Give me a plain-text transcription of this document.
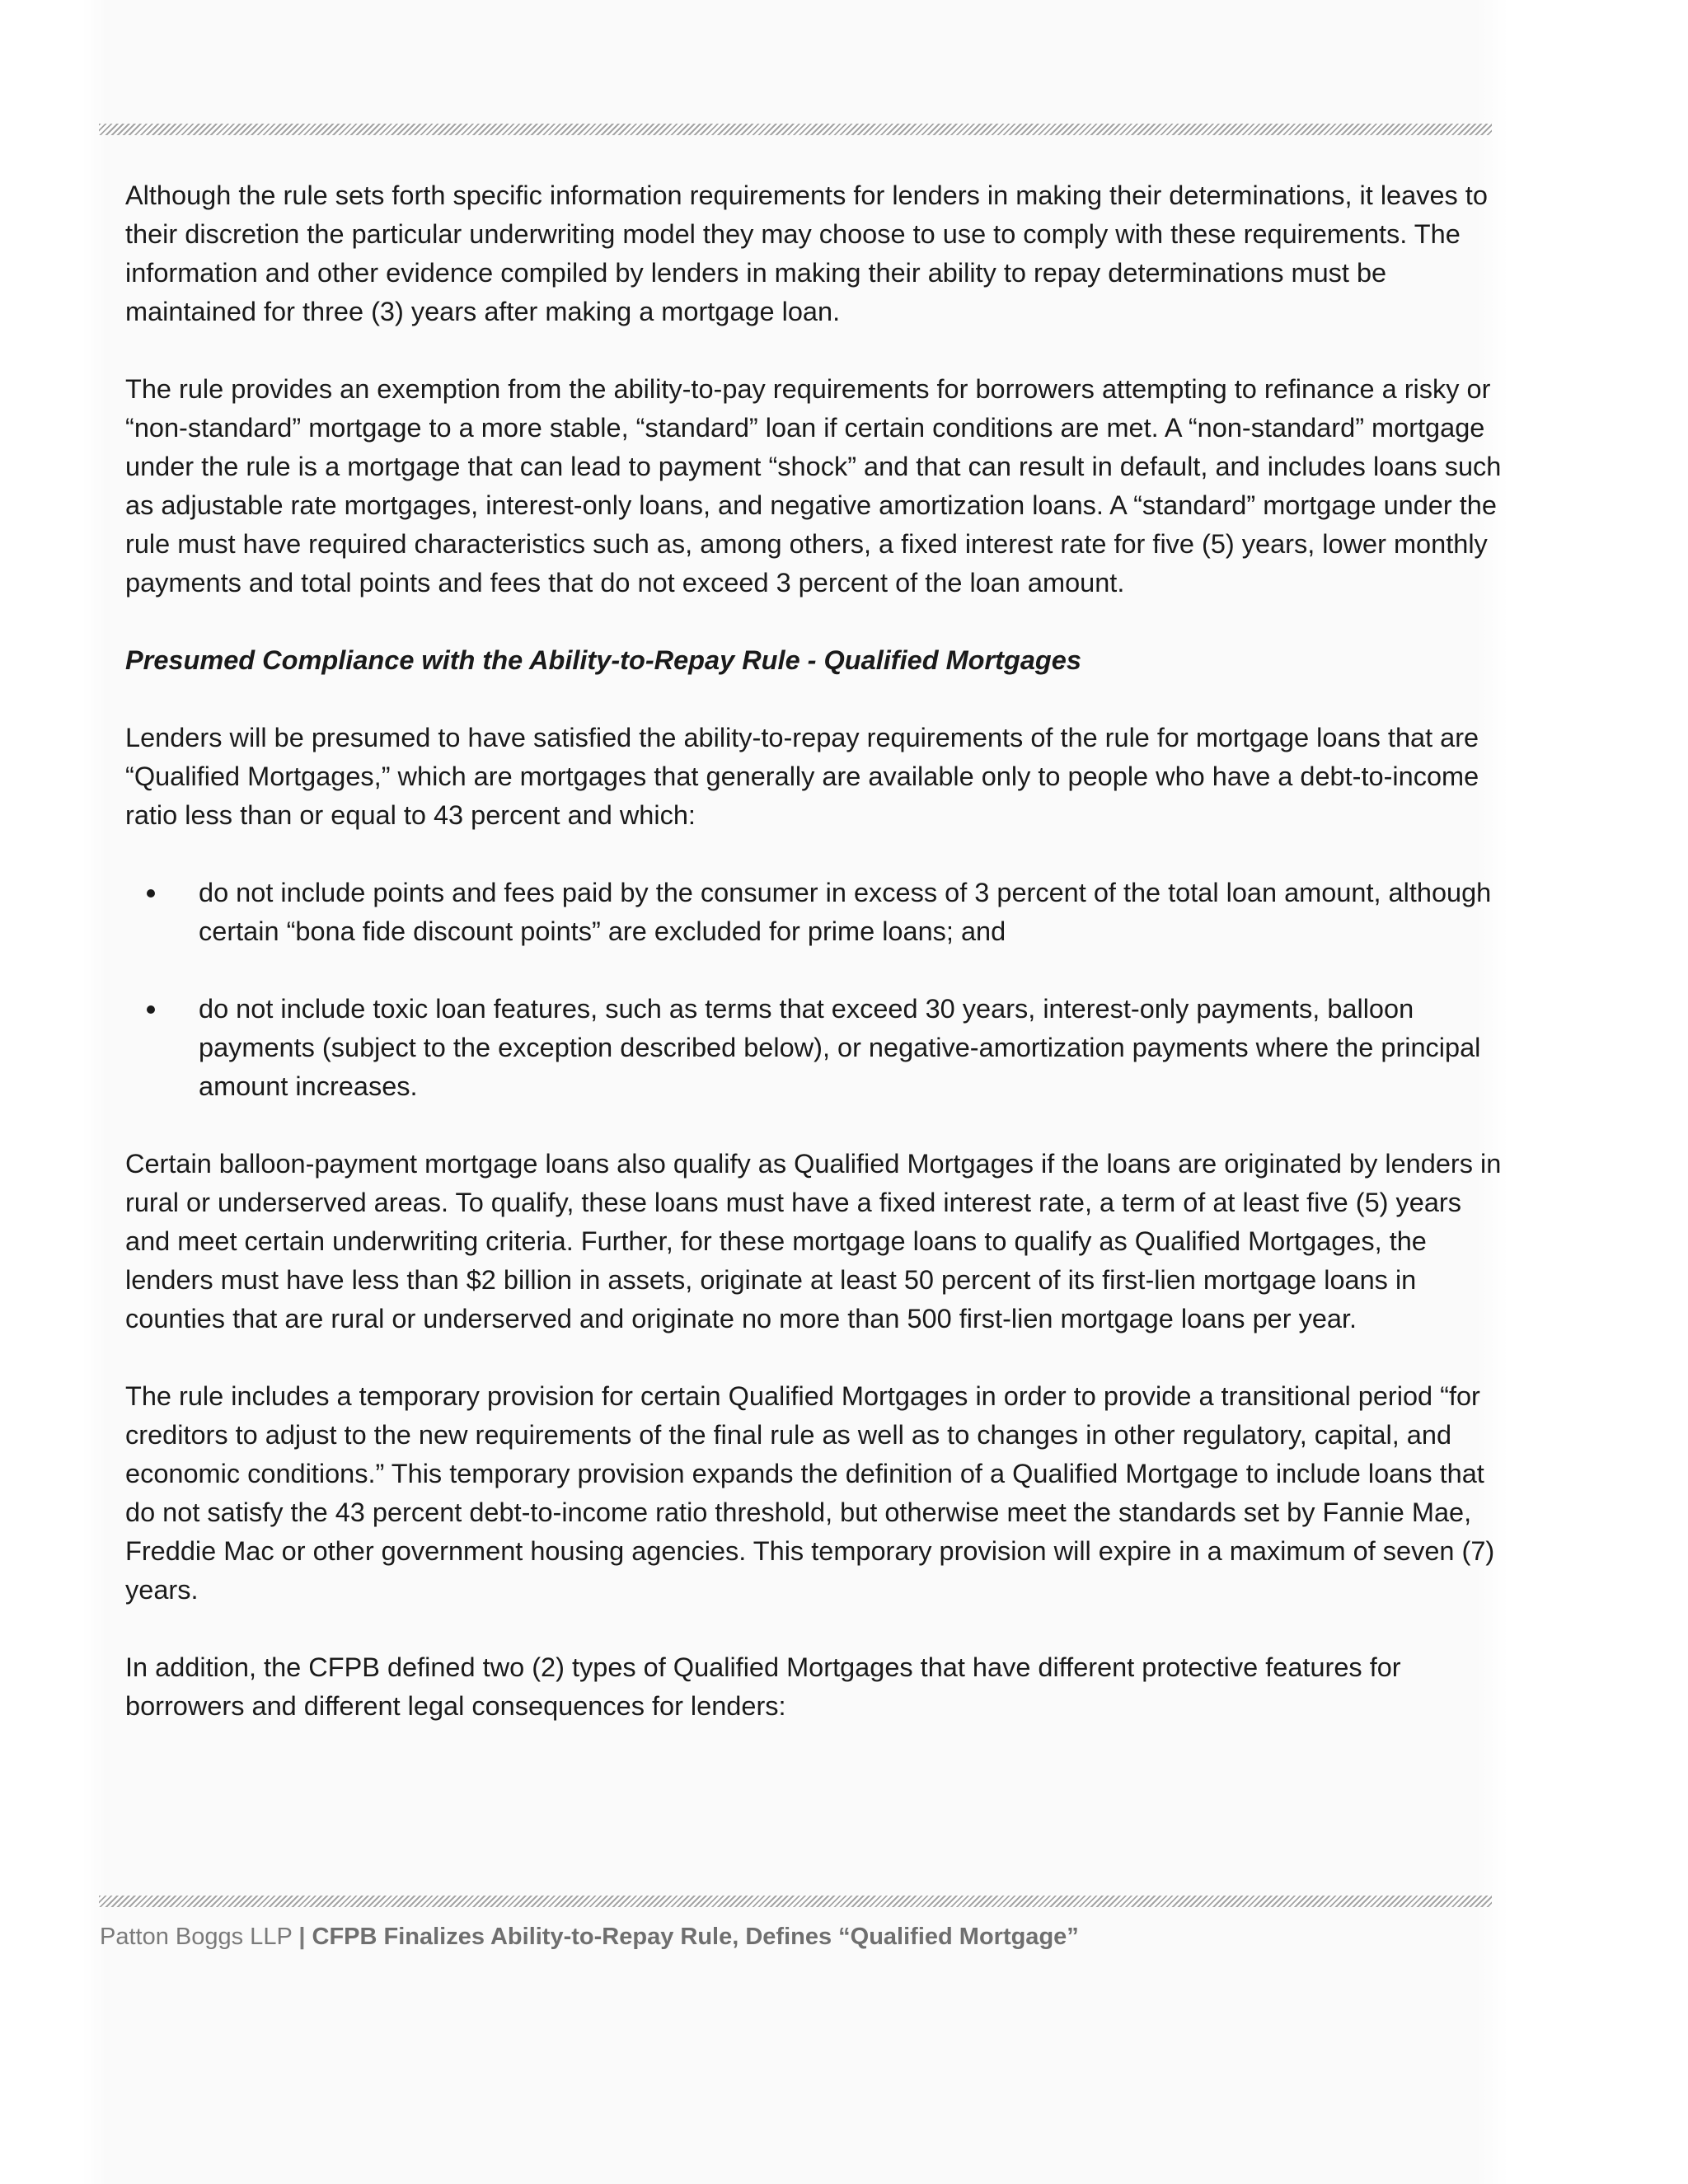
Although the rule sets forth specific information requirements for lenders in making their determinations, it leaves to their discretion the particular underwriting model they may choose to use to comply with these requirements. The information and other evidence compiled by lenders in making their ability to repay determinations must be maintained for three (3) years after making a mortgage loan.

The rule provides an exemption from the ability-to-pay requirements for borrowers attempting to refinance a risky or “non-standard” mortgage to a more stable, “standard” loan if certain conditions are met. A “non-standard” mortgage under the rule is a mortgage that can lead to payment “shock” and that can result in default, and includes loans such as adjustable rate mortgages, interest-only loans, and negative amortization loans. A “standard” mortgage under the rule must have required characteristics such as, among others, a fixed interest rate for five (5) years, lower monthly payments and total points and fees that do not exceed 3 percent of the loan amount.

Presumed Compliance with the Ability-to-Repay Rule - Qualified Mortgages

Lenders will be presumed to have satisfied the ability-to-repay requirements of the rule for mortgage loans that are “Qualified Mortgages,” which are mortgages that generally are available only to people who have a debt-to-income ratio less than or equal to 43 percent and which:

do not include points and fees paid by the consumer in excess of 3 percent of the total loan amount, although certain “bona fide discount points” are excluded for prime loans; and
do not include toxic loan features, such as terms that exceed 30 years, interest-only payments, balloon payments (subject to the exception described below), or negative-amortization payments where the principal amount increases.

Certain balloon-payment mortgage loans also qualify as Qualified Mortgages if the loans are originated by lenders in rural or underserved areas. To qualify, these loans must have a fixed interest rate, a term of at least five (5) years and meet certain underwriting criteria. Further, for these mortgage loans to qualify as Qualified Mortgages, the lenders must have less than $2 billion in assets, originate at least 50 percent of its first-lien mortgage loans in counties that are rural or underserved and originate no more than 500 first-lien mortgage loans per year.

The rule includes a temporary provision for certain Qualified Mortgages in order to provide a transitional period “for creditors to adjust to the new requirements of the final rule as well as to changes in other regulatory, capital, and economic conditions.” This temporary provision expands the definition of a Qualified Mortgage to include loans that do not satisfy the 43 percent debt-to-income ratio threshold, but otherwise meet the standards set by Fannie Mae, Freddie Mac or other government housing agencies. This temporary provision will expire in a maximum of seven (7) years.

In addition, the CFPB defined two (2) types of Qualified Mortgages that have different protective features for borrowers and different legal consequences for lenders:

Patton Boggs LLP | CFPB Finalizes Ability-to-Repay Rule, Defines “Qualified Mortgage”
